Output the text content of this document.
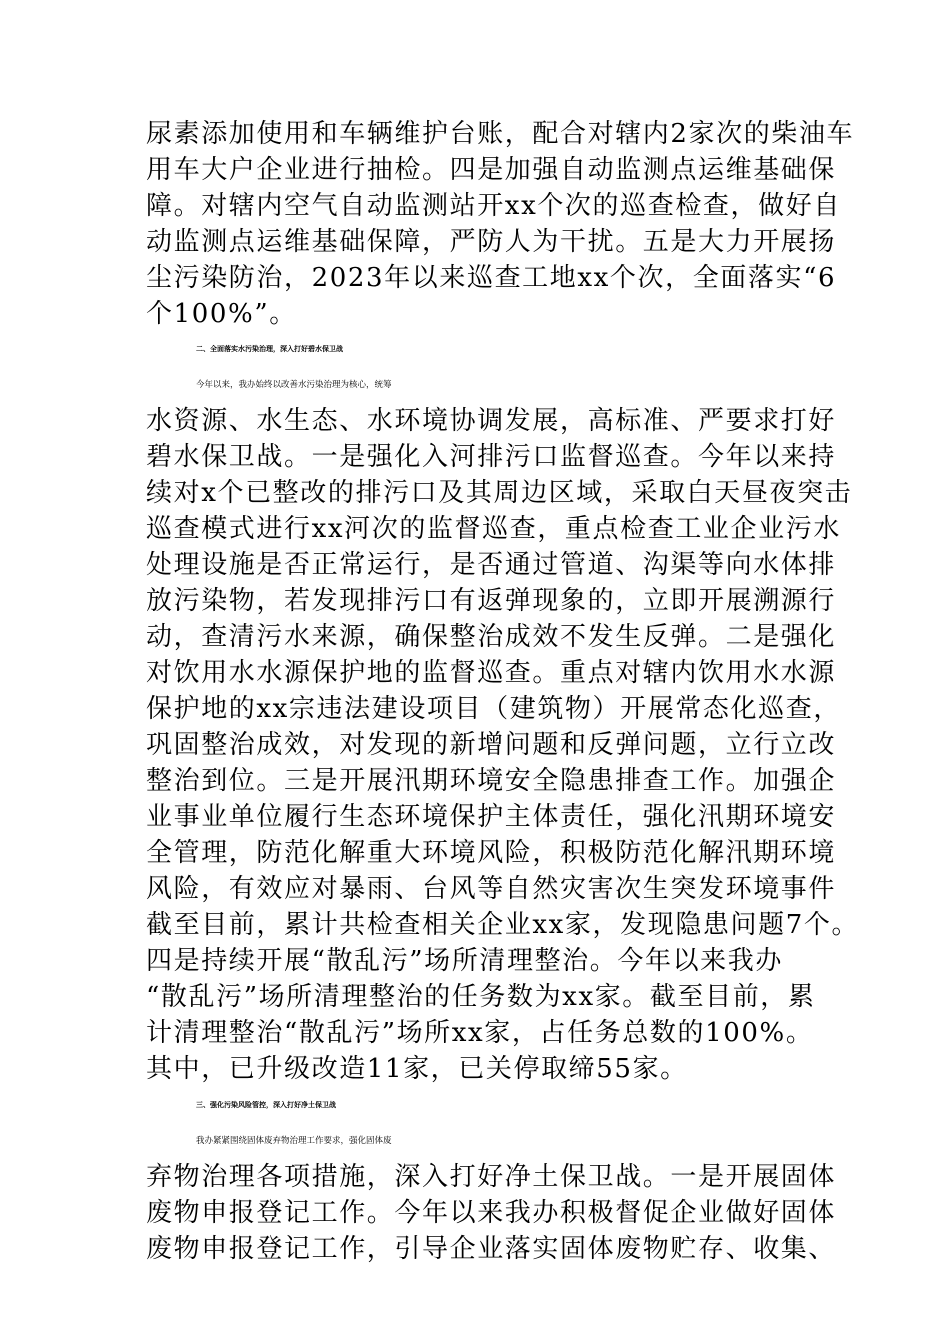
尿素添加使用和车辆维护台账，配合对辖内2家次的柴油车
用车大户企业进行抽检。四是加强自动监测点运维基础保
障。对辖内空气自动监测站开xx个次的巡查检查，做好自
动监测点运维基础保障，严防人为干扰。五是大力开展扬
尘污染防治，2023年以来巡查工地xx个次，全面落实“6
个100%”。
二、全面落实水污染治理，深入打好碧水保卫战
今年以来，我办始终以改善水污染治理为核心，统筹
水资源、水生态、水环境协调发展，高标准、严要求打好
碧水保卫战。一是强化入河排污口监督巡查。今年以来持
续对x个已整改的排污口及其周边区域，采取白天昼夜突击
巡查模式进行xx河次的监督巡查，重点检查工业企业污水
处理设施是否正常运行，是否通过管道、沟渠等向水体排
放污染物，若发现排污口有返弹现象的，立即开展溯源行
动，查清污水来源，确保整治成效不发生反弹。二是强化
对饮用水水源保护地的监督巡查。重点对辖内饮用水水源
保护地的xx宗违法建设项目（建筑物）开展常态化巡查，
巩固整治成效，对发现的新增问题和反弹问题，立行立改
整治到位。三是开展汛期环境安全隐患排查工作。加强企
业事业单位履行生态环境保护主体责任，强化汛期环境安
全管理，防范化解重大环境风险，积极防范化解汛期环境
风险，有效应对暴雨、台风等自然灾害次生突发环境事件
截至目前，累计共检查相关企业xx家，发现隐患问题7个。
四是持续开展“散乱污”场所清理整治。今年以来我办
“散乱污”场所清理整治的任务数为xx家。截至目前，累
计清理整治“散乱污”场所xx家，占任务总数的100%。
其中，已升级改造11家，已关停取缔55家。
三、强化污染风险管控，深入打好净土保卫战
我办紧紧围绕固体废弃物治理工作要求，强化固体废
弃物治理各项措施，深入打好净土保卫战。一是开展固体
废物申报登记工作。今年以来我办积极督促企业做好固体
废物申报登记工作，引导企业落实固体废物贮存、收集、
